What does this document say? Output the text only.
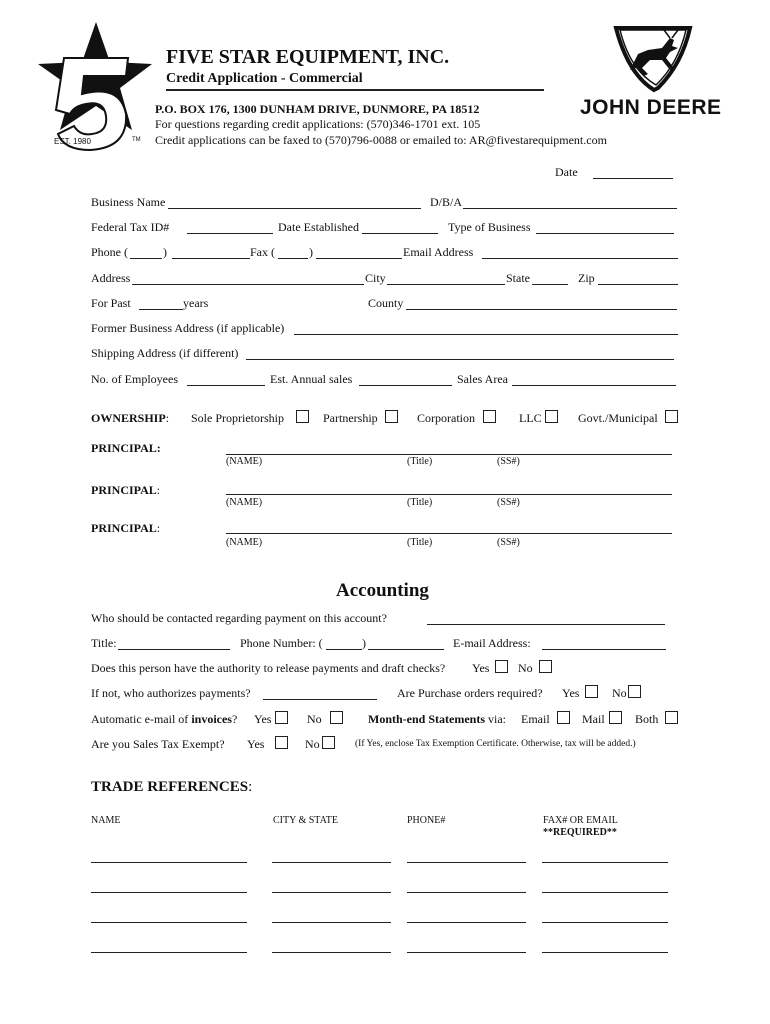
EST. 1980	TM
JOHN DEERE
FIVE STAR EQUIPMENT, INC.
Credit Application - Commercial
P.O. BOX 176, 1300 DUNHAM DRIVE, DUNMORE, PA 18512
For questions regarding credit applications: (570)346-1701 ext. 105
Credit applications can be faxed to (570)796-0088 or emailed to: AR@fivestarequipment.com
Date
Business Name	D/B/A
Federal Tax ID#	Date Established	Type of Business
Phone (	)	Fax (	)	Email Address
Address	City	State	Zip
For Past	years	County
Former Business Address (if applicable)
Shipping Address (if different)
No. of Employees	Est. Annual sales	Sales Area
OWNERSHIP: Sole Proprietorship	Partnership	Corporation	LLC	Govt./Municipal
PRINCIPAL:
(NAME)	(Title)	(SS#)
PRINCIPAL:
(NAME)	(Title)	(SS#)
PRINCIPAL:
(NAME)	(Title)	(SS#)
Accounting
Who should be contacted regarding payment on this account?
Title:	Phone Number: (	)	E-mail Address:
Does this person have the authority to release payments and draft checks? Yes No
If not, who authorizes payments?	Are Purchase orders required? Yes	No
Automatic e-mail of invoices? Yes	No	Month-end Statements via: Email	Mail	Both
Are you Sales Tax Exempt? Yes	No	(If Yes, enclose Tax Exemption Certificate. Otherwise, tax will be added.)
TRADE REFERENCES:
NAME	CITY & STATE	PHONE#	FAX# OR EMAIL
**REQUIRED**
